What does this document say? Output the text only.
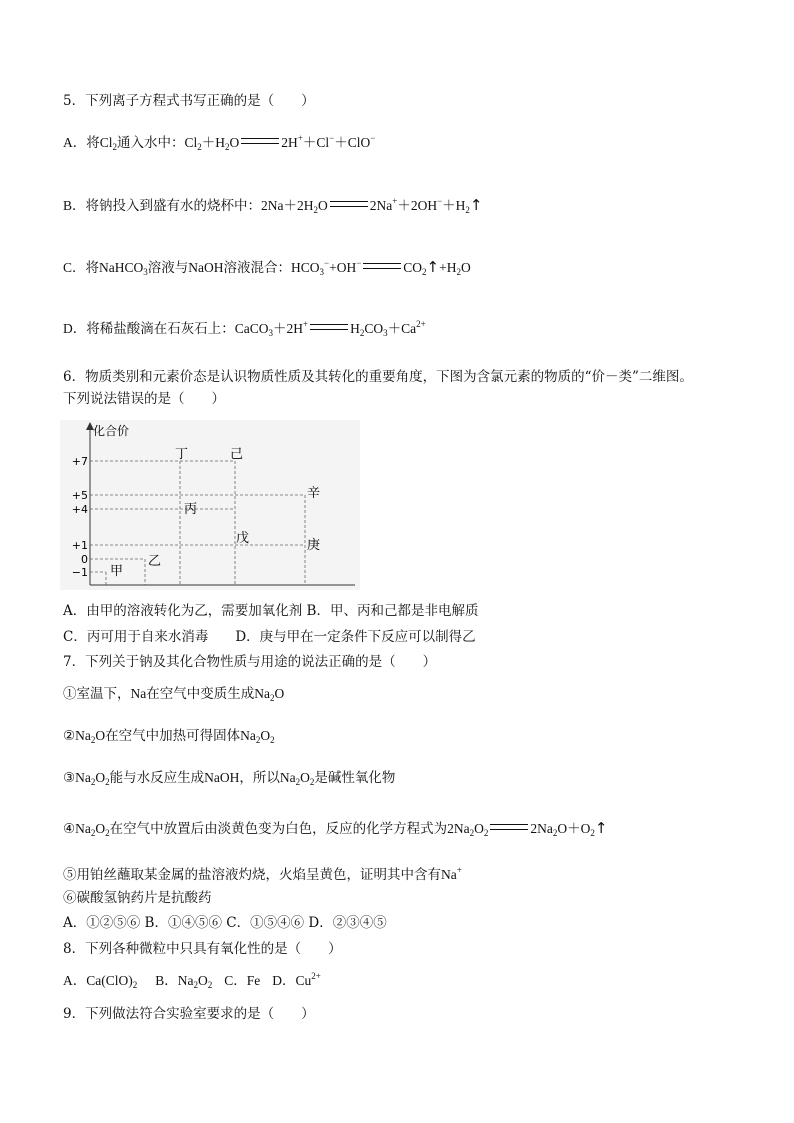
5．下列离子方程式书写正确的是（　　）
A．将$Cl_2$通入水中：$Cl_2+H_2O$	2H+＋Cl−＋ClO−
B．将钠投入到盛有水的烧杯中：$2Na+2H_2O$	$2Na^++2OH^-+H_2↑$
C．将NaHCO$_3$溶液与NaOH溶液混合：$HCO_3^-+OH^-$	$CO_2↑+H_2O$
D．将稀盐酸滴在石灰石上：CaCO$_3$＋2H+	$H_2CO_3+Ca^{2+}$
6．物质类别和元素价态是认识物质性质及其转化的重要角度，下图为含氯元素的物质的“价－类”二维图。
下列说法错误的是（　　）
化合价
+7
+5
+4
+1
0
−1 甲
乙
丙
丁
戊
己
庚
辛
A．由甲的溶液转化为乙，需要加氧化剂 B．甲、丙和己都是非电解质
C．丙可用于自来水消毒　　D．庚与甲在一定条件下反应可以制得乙
7．下列关于钠及其化合物性质与用途的说法正确的是（　　）
①室温下，Na在空气中变质生成$Na_2O$
$②Na_2O$在空气中加热可得固体$Na_2O_2$
$③Na_2O_2$能与水反应生成NaOH，所以$Na_2O_2$是碱性氧化物
$④Na_2O_2$在空气中放置后由淡黄色变为白色，反应的化学方程式为$2Na_2O_2$	$2Na_2O+O_2↑$
⑤用铂丝蘸取某金属的盐溶液灼烧，火焰呈黄色，证明其中含有Na+
⑥碳酸氢钠药片是抗酸药
A．①②⑤⑥ B．①④⑤⑥ C．①⑤④⑥ D．②③④⑤
8．下列各种微粒中只具有氧化性的是（　　）
A．$Ca(ClO)_2$ B．$Na_2O_2$ C．Fe D．$Cu^{2+}$
9．下列做法符合实验室要求的是（　　）
